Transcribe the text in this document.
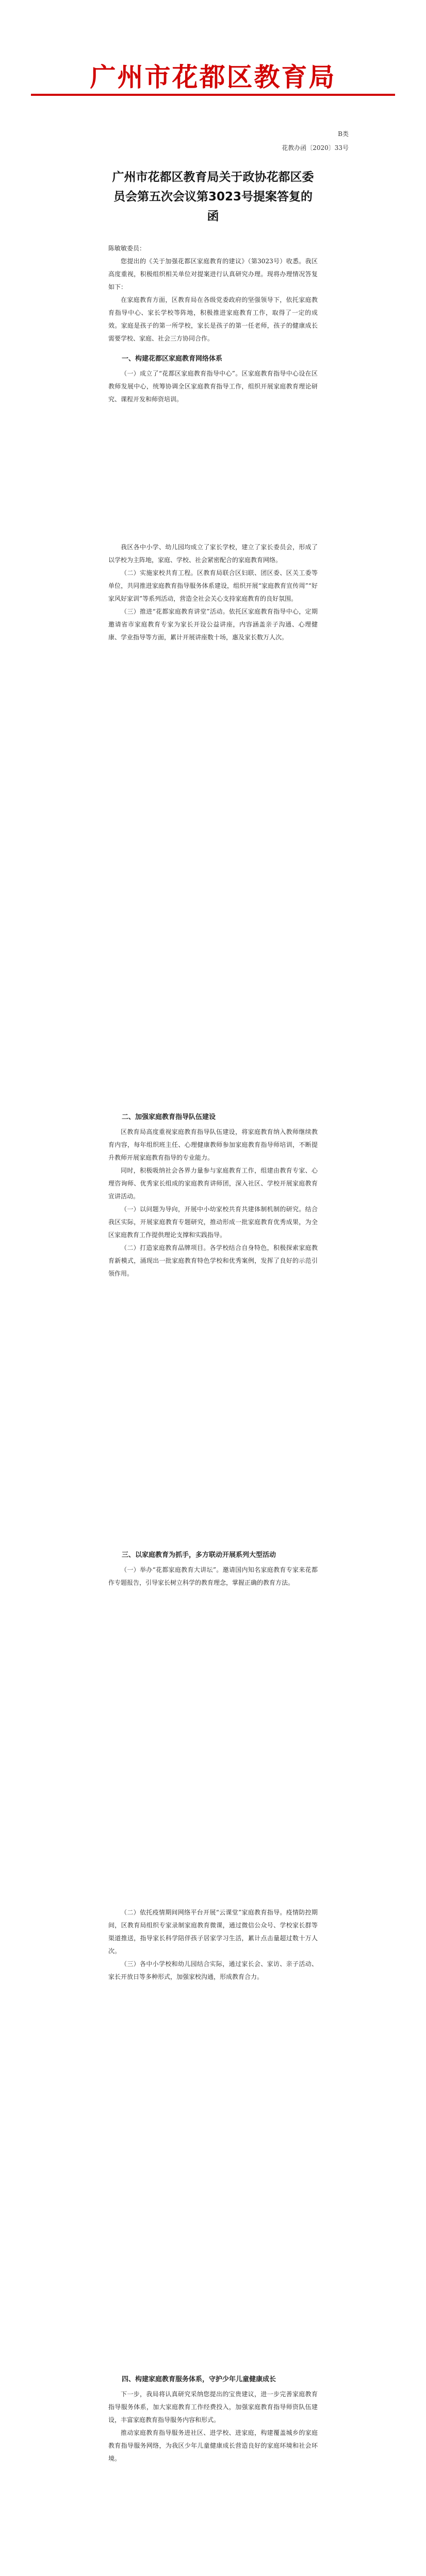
广州市花都区教育局
B类
花教办函〔2020〕33号
广州市花都区教育局关于政协花都区委员会第五次会议第3023号提案答复的函

陈敏敏委员：

您提出的《关于加强花都区家庭教育的建议》（第3023号）收悉。我区高度重视，积极组织相关单位对提案进行认真研究办理。现将办理情况答复如下：

在家庭教育方面，区教育局在各级党委政府的坚强领导下，依托家庭教育指导中心、家长学校等阵地，积极推进家庭教育工作，取得了一定的成效。家庭是孩子的第一所学校，家长是孩子的第一任老师，孩子的健康成长需要学校、家庭、社会三方协同合作。

一、构建花都区家庭教育网络体系

（一）成立了“花都区家庭教育指导中心”。区家庭教育指导中心设在区教师发展中心，统筹协调全区家庭教育指导工作，组织开展家庭教育理论研究、课程开发和师资培训。

我区各中小学、幼儿园均成立了家长学校，建立了家长委员会，形成了以学校为主阵地，家庭、学校、社会紧密配合的家庭教育网络。

（二）实施家校共育工程。区教育局联合区妇联、团区委、区关工委等单位，共同推进家庭教育指导服务体系建设，组织开展“家庭教育宣传周”“好家风好家训”等系列活动，营造全社会关心支持家庭教育的良好氛围。

（三）推进“花都家庭教育讲堂”活动。依托区家庭教育指导中心，定期邀请省市家庭教育专家为家长开设公益讲座，内容涵盖亲子沟通、心理健康、学业指导等方面，累计开展讲座数十场，惠及家长数万人次。

二、加强家庭教育指导队伍建设

区教育局高度重视家庭教育指导队伍建设，将家庭教育纳入教师继续教育内容，每年组织班主任、心理健康教师参加家庭教育指导师培训，不断提升教师开展家庭教育指导的专业能力。

同时，积极吸纳社会各界力量参与家庭教育工作，组建由教育专家、心理咨询师、优秀家长组成的家庭教育讲师团，深入社区、学校开展家庭教育宣讲活动。

（一）以问题为导向，开展中小幼家校共育共建体制机制的研究。结合我区实际，开展家庭教育专题研究，推动形成一批家庭教育优秀成果，为全区家庭教育工作提供理论支撑和实践指导。

（二）打造家庭教育品牌项目。各学校结合自身特色，积极探索家庭教育新模式，涌现出一批家庭教育特色学校和优秀案例，发挥了良好的示范引领作用。

三、以家庭教育为抓手，多方联动开展系列大型活动

（一）举办“花都家庭教育大讲坛”。邀请国内知名家庭教育专家来花都作专题报告，引导家长树立科学的教育理念，掌握正确的教育方法。

（二）依托疫情期间网络平台开展“云课堂”家庭教育指导。疫情防控期间，区教育局组织专家录制家庭教育微课，通过微信公众号、学校家长群等渠道推送，指导家长科学陪伴孩子居家学习生活，累计点击量超过数十万人次。

（三）各中小学校和幼儿园结合实际，通过家长会、家访、亲子活动、家长开放日等多种形式，加强家校沟通，形成教育合力。

四、构建家庭教育服务体系，守护少年儿童健康成长

下一步，我局将认真研究采纳您提出的宝贵建议，进一步完善家庭教育指导服务体系，加大家庭教育工作经费投入，加强家庭教育指导师资队伍建设，丰富家庭教育指导服务内容和形式。

推动家庭教育指导服务进社区、进学校、进家庭，构建覆盖城乡的家庭教育指导服务网络，为我区少年儿童健康成长营造良好的家庭环境和社会环境。
